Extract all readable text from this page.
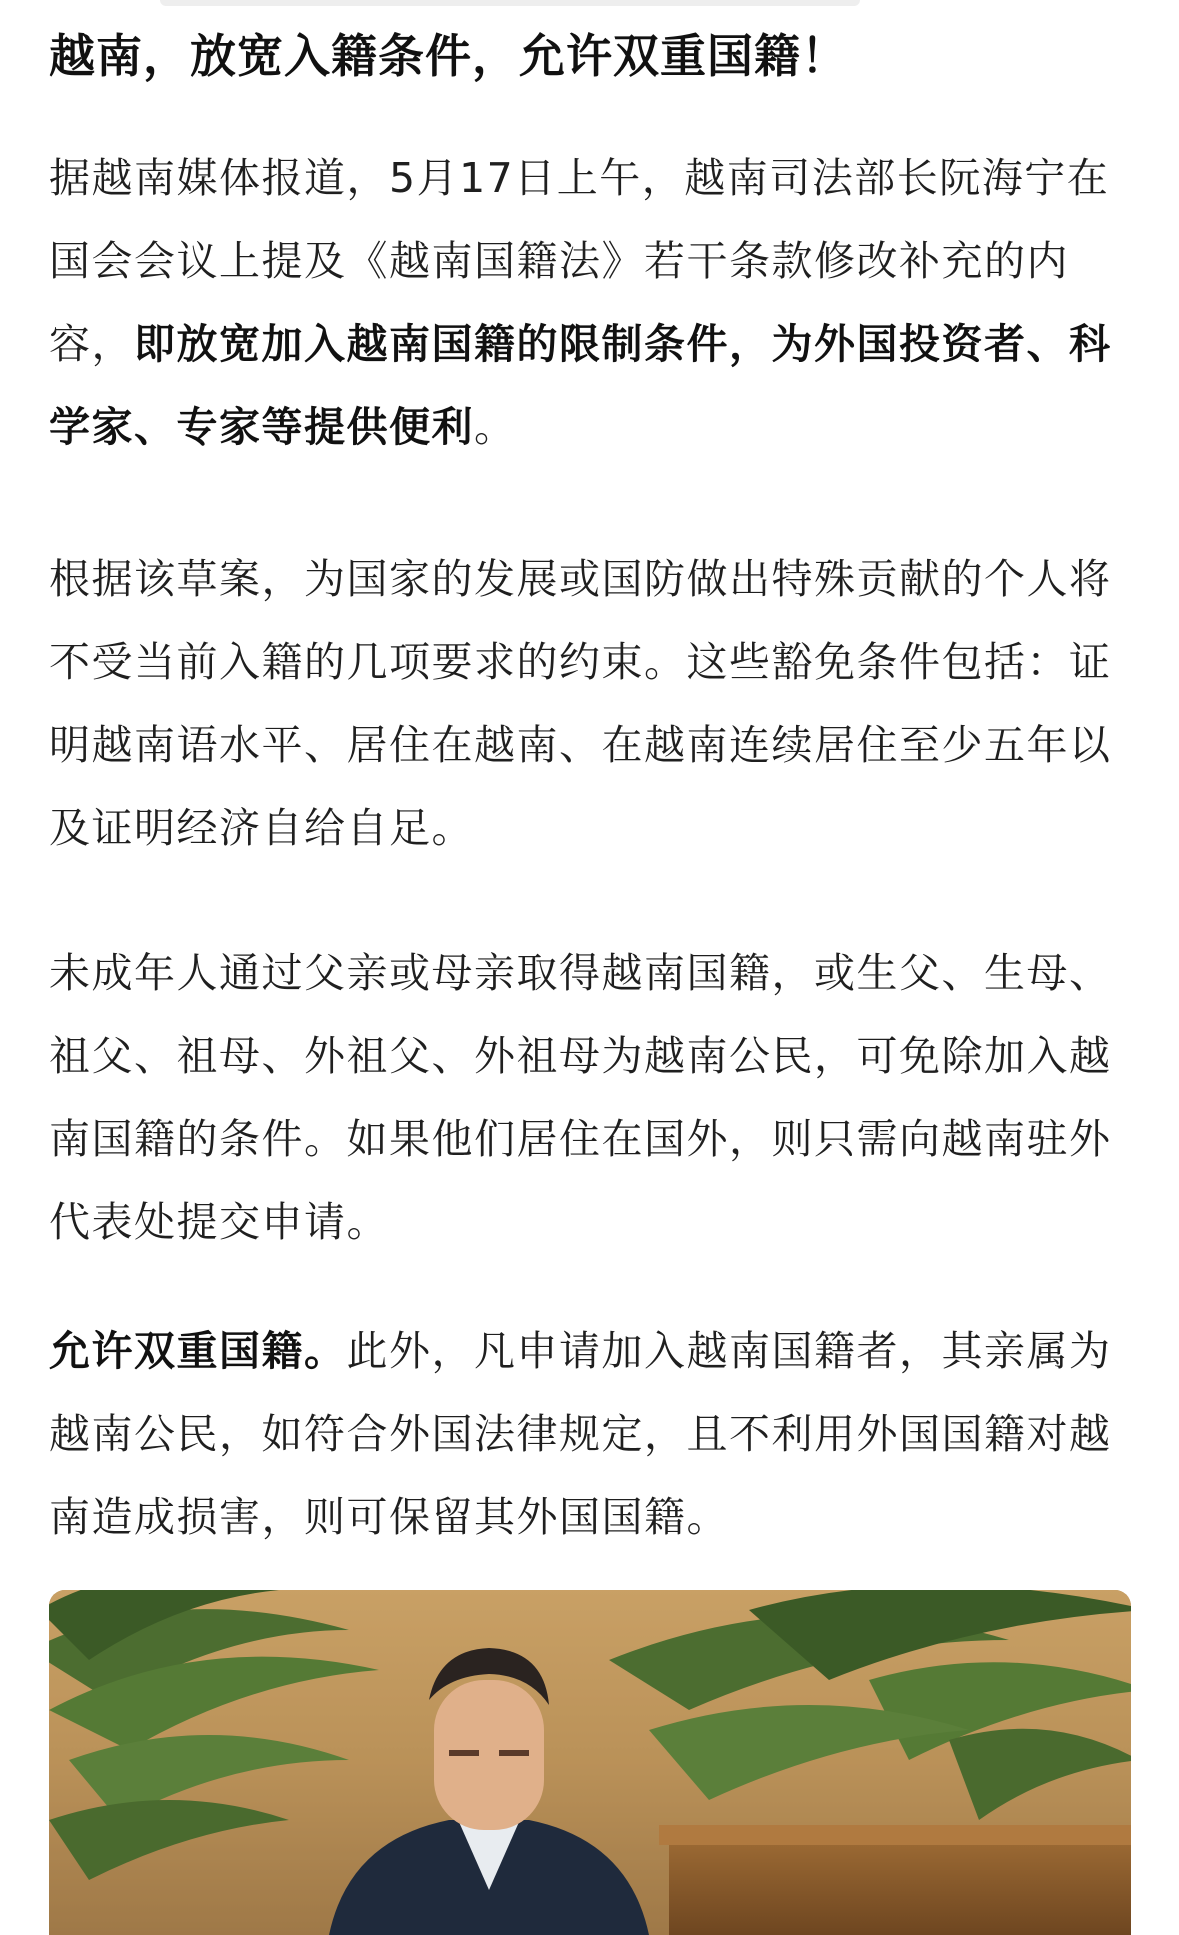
越南，放宽入籍条件，允许双重国籍！

据越南媒体报道，5月17日上午，越南司法部长阮海宁在国会会议上提及《越南国籍法》若干条款修改补充的内容，即放宽加入越南国籍的限制条件，为外国投资者、科学家、专家等提供便利。

根据该草案，为国家的发展或国防做出特殊贡献的个人将不受当前入籍的几项要求的约束。这些豁免条件包括：证明越南语水平、居住在越南、在越南连续居住至少五年以及证明经济自给自足。

未成年人通过父亲或母亲取得越南国籍，或生父、生母、祖父、祖母、外祖父、外祖母为越南公民，可免除加入越南国籍的条件。如果他们居住在国外，则只需向越南驻外代表处提交申请。

允许双重国籍。此外，凡申请加入越南国籍者，其亲属为越南公民，如符合外国法律规定，且不利用外国国籍对越南造成损害，则可保留其外国国籍。
